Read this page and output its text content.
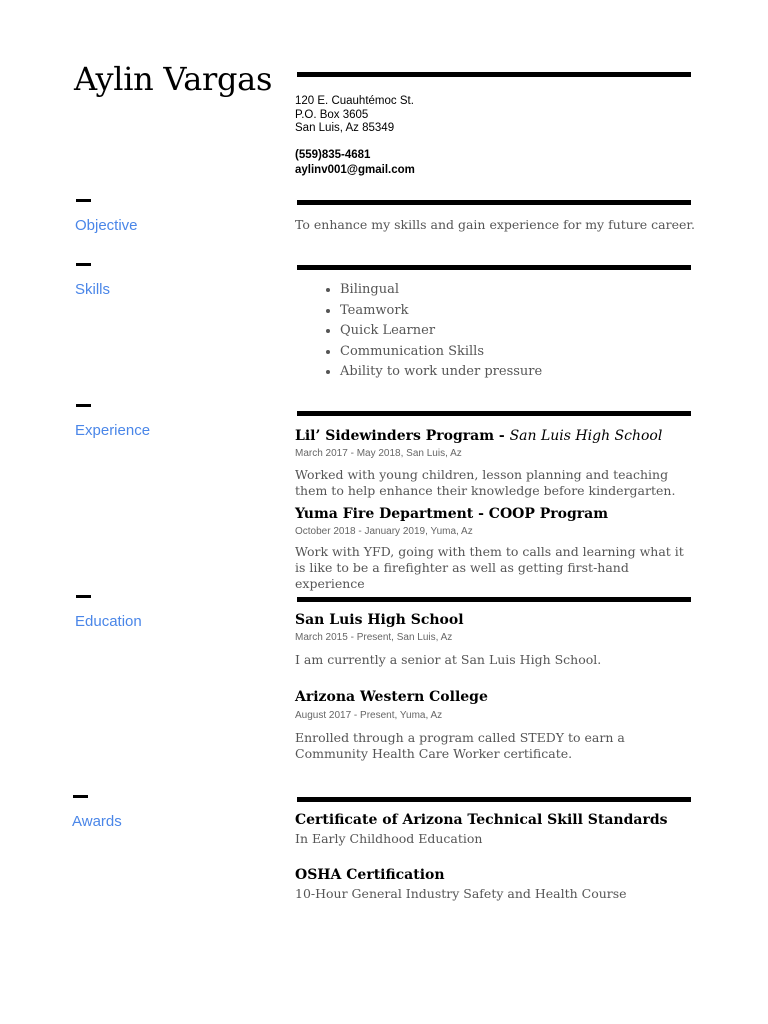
Aylin Vargas
120 E. Cuauhtémoc St.
P.O. Box 3605
San Luis, Az 85349
(559)835-4681
aylinv001@gmail.com
Objective	To enhance my skills and gain experience for my future career.
Skills
•	Bilingual
• Teamwork
• Quick Learner
• Communication Skills
• Ability to work under pressure
Experience	Lil’ Sidewinders Program - San Luis High School
March 2017 - May 2018, San Luis, Az
Worked with young children, lesson planning and teaching them to help enhance their knowledge before kindergarten.
Yuma Fire Department - COOP Program
October 2018 - January 2019, Yuma, Az
Work with YFD, going with them to calls and learning what it is like to be a firefighter as well as getting first-hand experience
Education	San Luis High School
March 2015 - Present, San Luis, Az
I am currently a senior at San Luis High School.
Arizona Western College
August 2017 - Present, Yuma, Az
Enrolled through a program called STEDY to earn a Community Health Care Worker certificate.
Awards	Certificate of Arizona Technical Skill Standards
In Early Childhood Education
OSHA Certification
10-Hour General Industry Safety and Health Course
